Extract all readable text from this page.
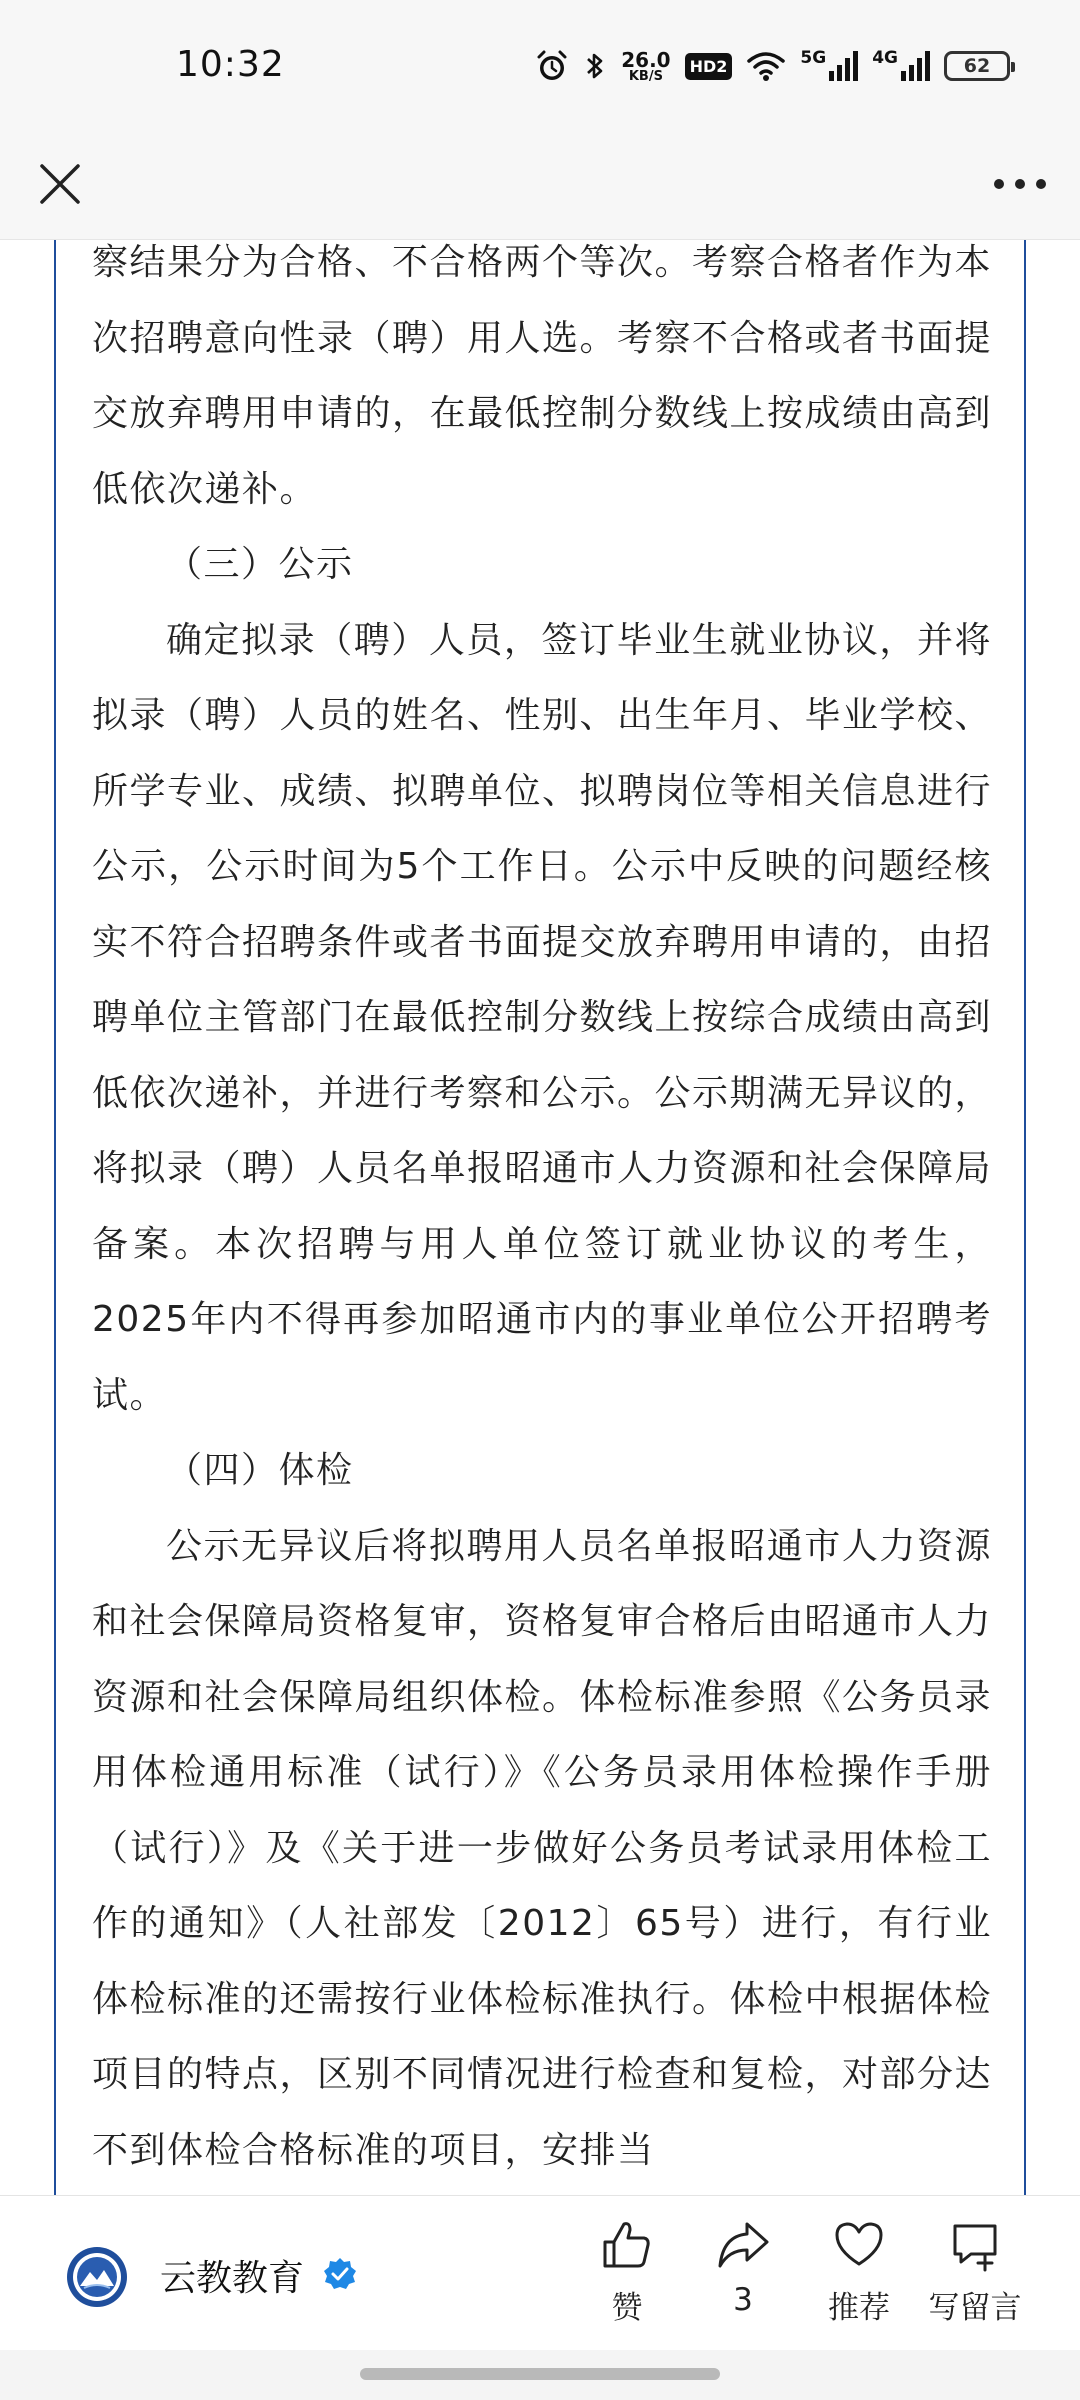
10:32	26.0
KB/S
HD2	5G	4G	62

察结果分为合格、不合格两个等次。考察合格者作为本次招聘意向性录（聘）用人选。考察不合格或者书面提交放弃聘用申请的，在最低控制分数线上按成绩由高到低依次递补。

（三）公示

确定拟录（聘）人员，签订毕业生就业协议，并将拟录（聘）人员的姓名、性别、出生年月、毕业学校、所学专业、成绩、拟聘单位、拟聘岗位等相关信息进行公示，公示时间为5个工作日。公示中反映的问题经核实不符合招聘条件或者书面提交放弃聘用申请的，由招聘单位主管部门在最低控制分数线上按综合成绩由高到低依次递补，并进行考察和公示。公示期满无异议的，将拟录（聘）人员名单报昭通市人力资源和社会保障局备案。本次招聘与用人单位签订就业协议的考生，2025年内不得再参加昭通市内的事业单位公开招聘考试。

（四）体检

公示无异议后将拟聘用人员名单报昭通市人力资源和社会保障局资格复审，资格复审合格后由昭通市人力资源和社会保障局组织体检。体检标准参照《公务员录用体检通用标准（试行）》《公务员录用体检操作手册（试行）》及《关于进一步做好公务员考试录用体检工作的通知》（人社部发〔2012〕65号）进行，有行业体检标准的还需按行业体检标准执行。体检中根据体检项目的特点，区别不同情况进行检查和复检，对部分达不到体检合格标准的项目，安排当

云教教育
赞	3 推荐 写留言
